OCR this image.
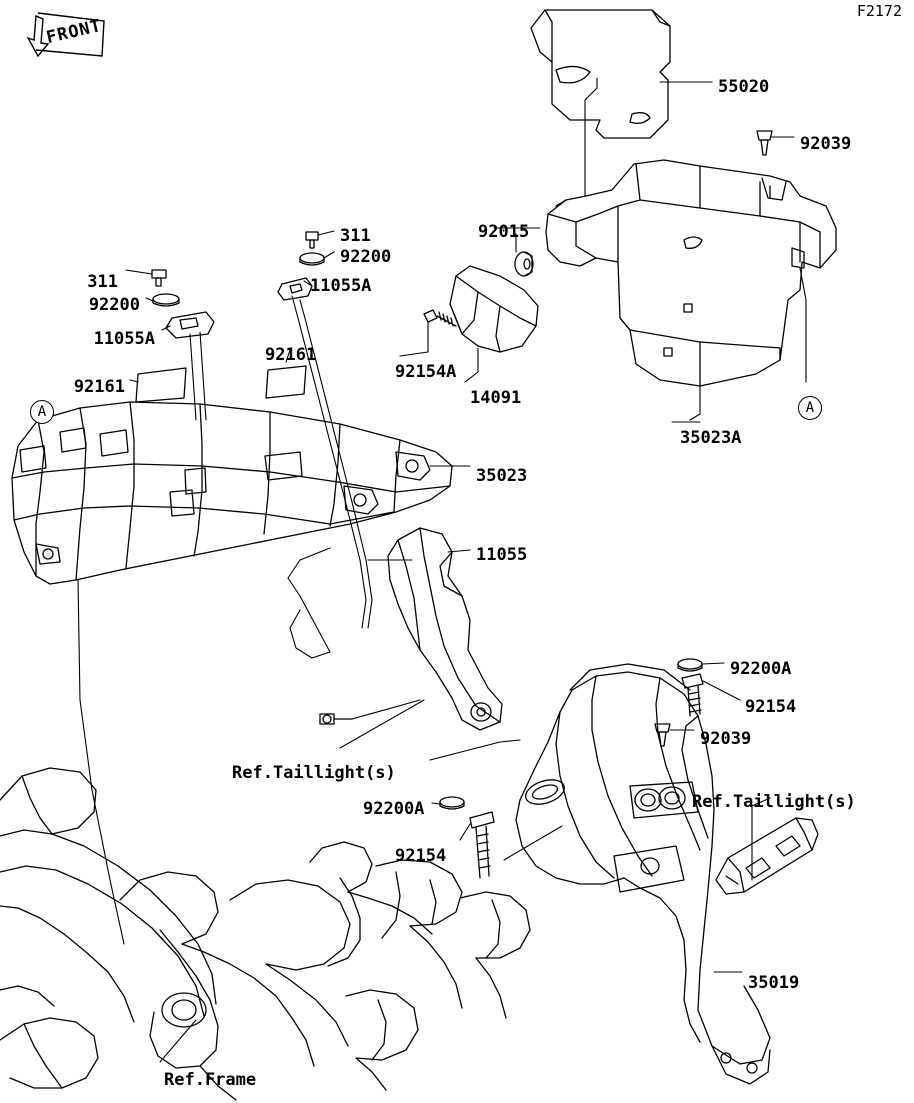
F2172
FRONT
A	A
55020
92039
92015
311
92200
11055A
311
92200
11055A
92161
92161
92154A
14091
35023A
35023
11055
92200A
92154
92039
Ref.Taillight(s)
Ref.Taillight(s)
92200A
92154
35019
Ref.Frame
